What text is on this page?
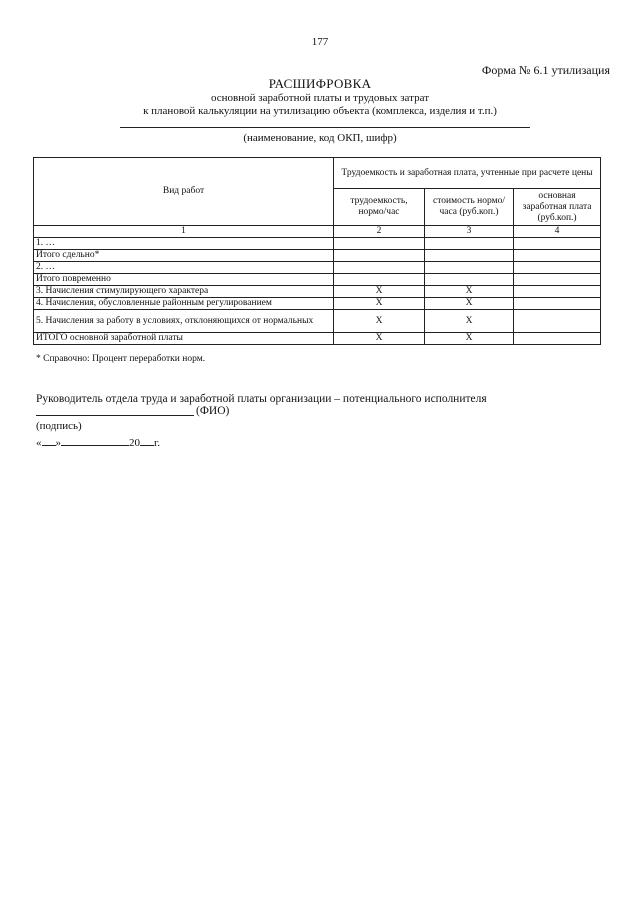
177
Форма № 6.1 утилизация
РАСШИФРОВКА
основной заработной платы и трудовых затрат
к плановой калькуляции на утилизацию объекта (комплекса, изделия и т.п.)
(наименование, код ОКП, шифр)
Вид работ	Трудоемкость и заработная плата, учтенные при расчете цены		
	трудоемкость, нормо/час	стоимость нормо/часа (руб.коп.)	основная заработная плата (руб.коп.)
1	2	3	4
1. …			
Итого сдельно*			
2. …			
Итого повременно			
3. Начисления стимулирующего характера	Х	Х	
4. Начисления, обусловленные районным регулированием	Х	Х	
5. Начисления за работу в условиях, отклоняющихся от нормальных	Х	Х	
ИТОГО основной заработной платы	Х	Х	
* Справочно: Процент переработки норм.
Руководитель отдела труда и заработной платы организации – потенциального исполнителя
(ФИО)
(подпись)
« »	20 г.
